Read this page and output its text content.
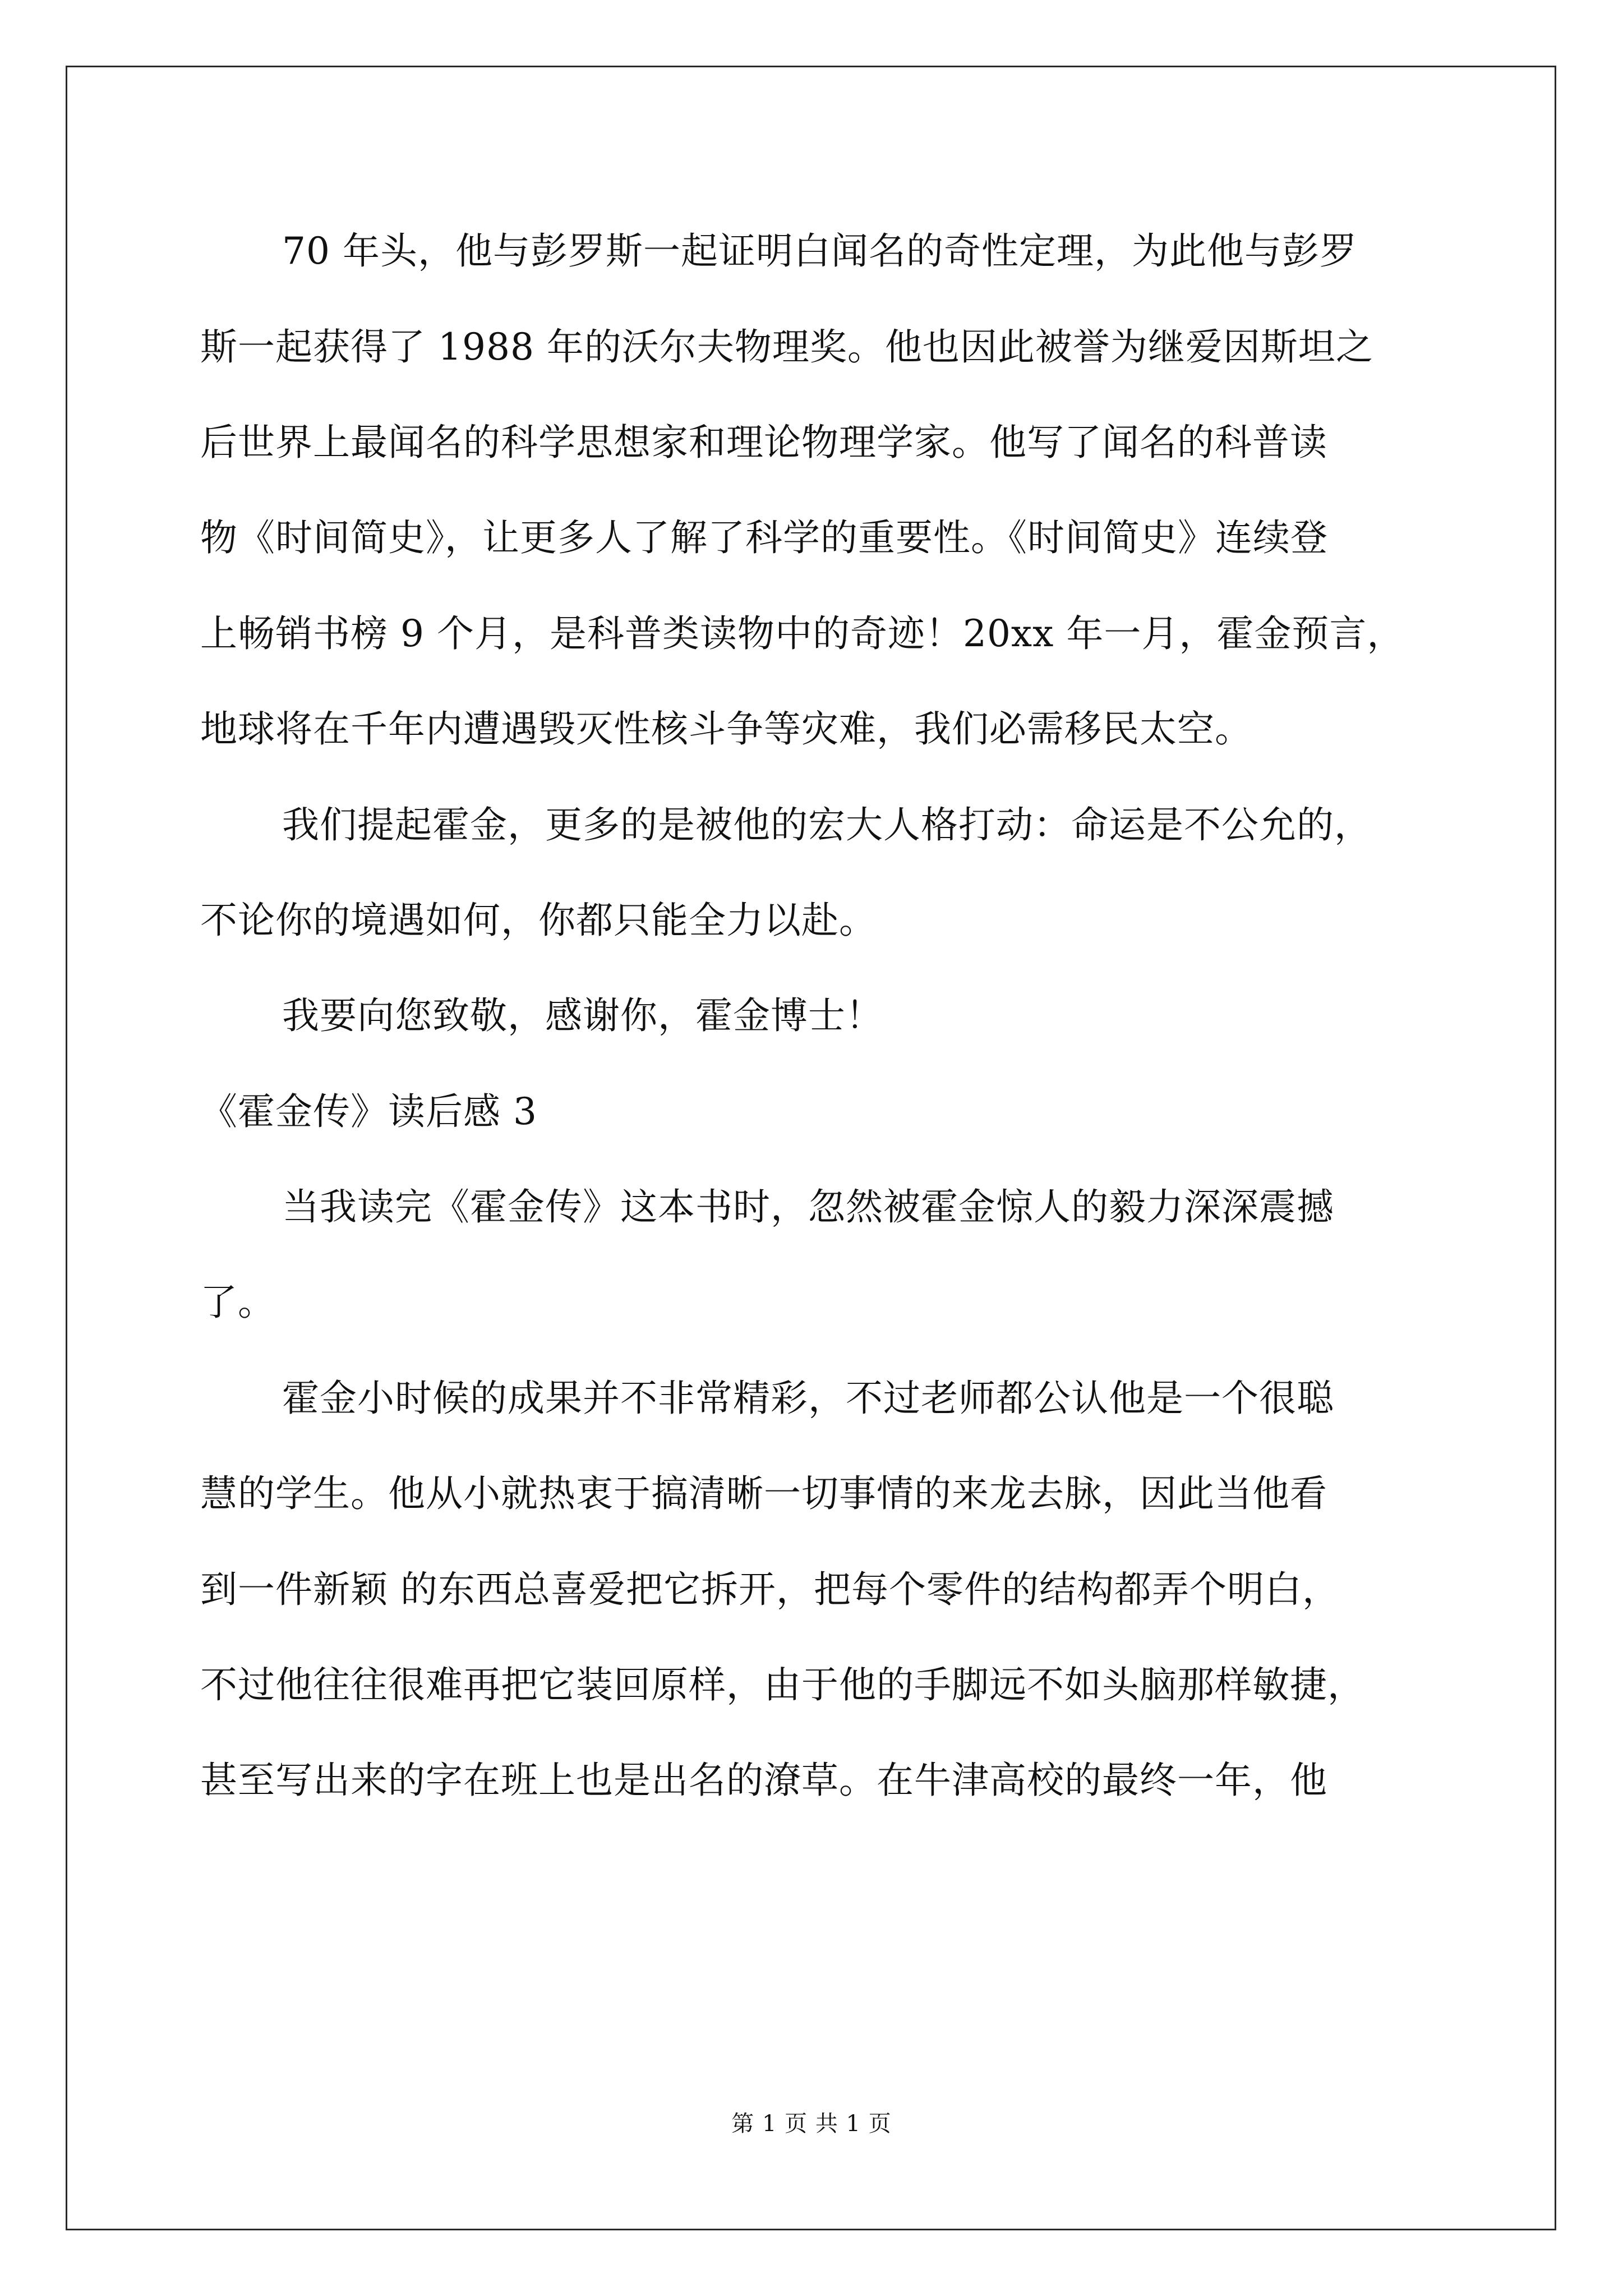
70 年头，他与彭罗斯一起证明白闻名的奇性定理，为此他与彭罗
斯一起获得了 1988 年的沃尔夫物理奖。他也因此被誉为继爱因斯坦之
后世界上最闻名的科学思想家和理论物理学家。他写了闻名的科普读
物《时间简史》，让更多人了解了科学的重要性。《时间简史》连续登
上畅销书榜 9 个月，是科普类读物中的奇迹！20xx 年一月，霍金预言，
地球将在千年内遭遇毁灭性核斗争等灾难，我们必需移民太空。
我们提起霍金，更多的是被他的宏大人格打动：命运是不公允的，
不论你的境遇如何，你都只能全力以赴。
我要向您致敬，感谢你，霍金博士！
《霍金传》读后感 3
当我读完《霍金传》这本书时，忽然被霍金惊人的毅力深深震撼
了。
霍金小时候的成果并不非常精彩，不过老师都公认他是一个很聪
慧的学生。他从小就热衷于搞清晰一切事情的来龙去脉，因此当他看
到一件新颖 的东西总喜爱把它拆开，把每个零件的结构都弄个明白，
不过他往往很难再把它装回原样，由于他的手脚远不如头脑那样敏捷，
甚至写出来的字在班上也是出名的潦草。在牛津高校的最终一年，他
第 1 页 共 1 页
